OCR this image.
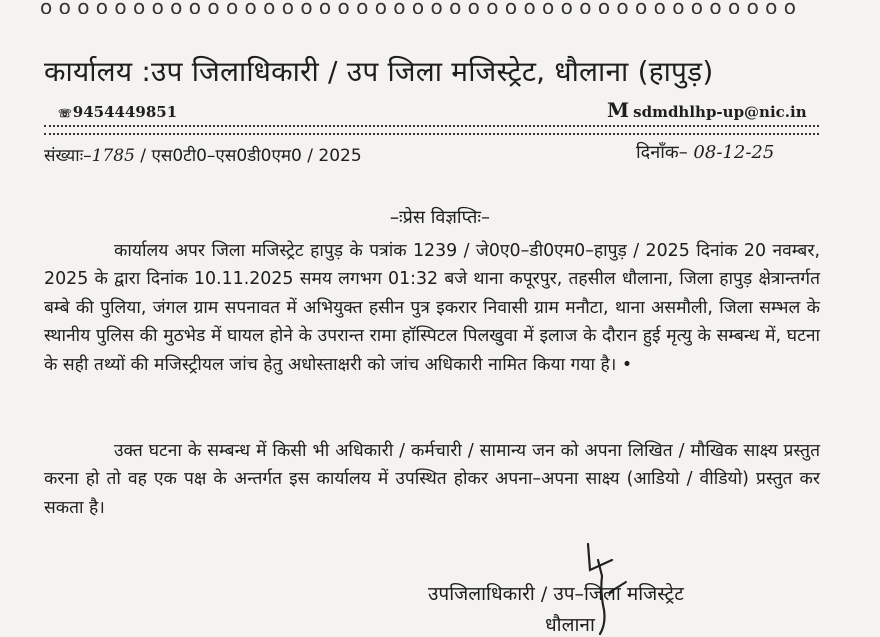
o o o o o o o o o o o o o o o o o o o o o o o o o o o o o o o o o o o o o o o o o
कार्यालय :उप जिलाधिकारी / उप जिला मजिस्ट्रेट, धौलाना (हापुड़)
☏9454449851	M sdmdhlhp-up@nic.in
संख्याः–1785 / एस0टी0–एस0डी0एम0 / 2025	दिनाँक– 08-12-25
–ःप्रेस विज्ञप्तिः–

कार्यालय अपर जिला मजिस्ट्रेट हापुड़ के पत्रांक 1239 / जे0ए0–डी0एम0–हापुड़ / 2025 दिनांक 20 नवम्बर, 2025 के द्वारा दिनांक 10.11.2025 समय लगभग 01:32 बजे थाना कपूरपुर, तहसील धौलाना, जिला हापुड़ क्षेत्रान्तर्गत बम्बे की पुलिया, जंगल ग्राम सपनावत में अभियुक्त हसीन पुत्र इकरार निवासी ग्राम मनौटा, थाना असमौली, जिला सम्भल के स्थानीय पुलिस की मुठभेड में घायल होने के उपरान्त रामा हॉस्पिटल पिलखुवा में इलाज के दौरान हुई मृत्यु के सम्बन्ध में, घटना के सही तथ्यों की मजिस्ट्रीयल जांच हेतु अधोस्ताक्षरी को जांच अधिकारी नामित किया गया है। •

उक्त घटना के सम्बन्ध में किसी भी अधिकारी / कर्मचारी / सामान्य जन को अपना लिखित / मौखिक साक्ष्य प्रस्तुत करना हो तो वह एक पक्ष के अन्तर्गत इस कार्यालय में उपस्थित होकर अपना–अपना साक्ष्य (आडियो / वीडियो) प्रस्तुत कर सकता है।

उपजिलाधिकारी / उप–जिला मजिस्ट्रेट
धौलाना
